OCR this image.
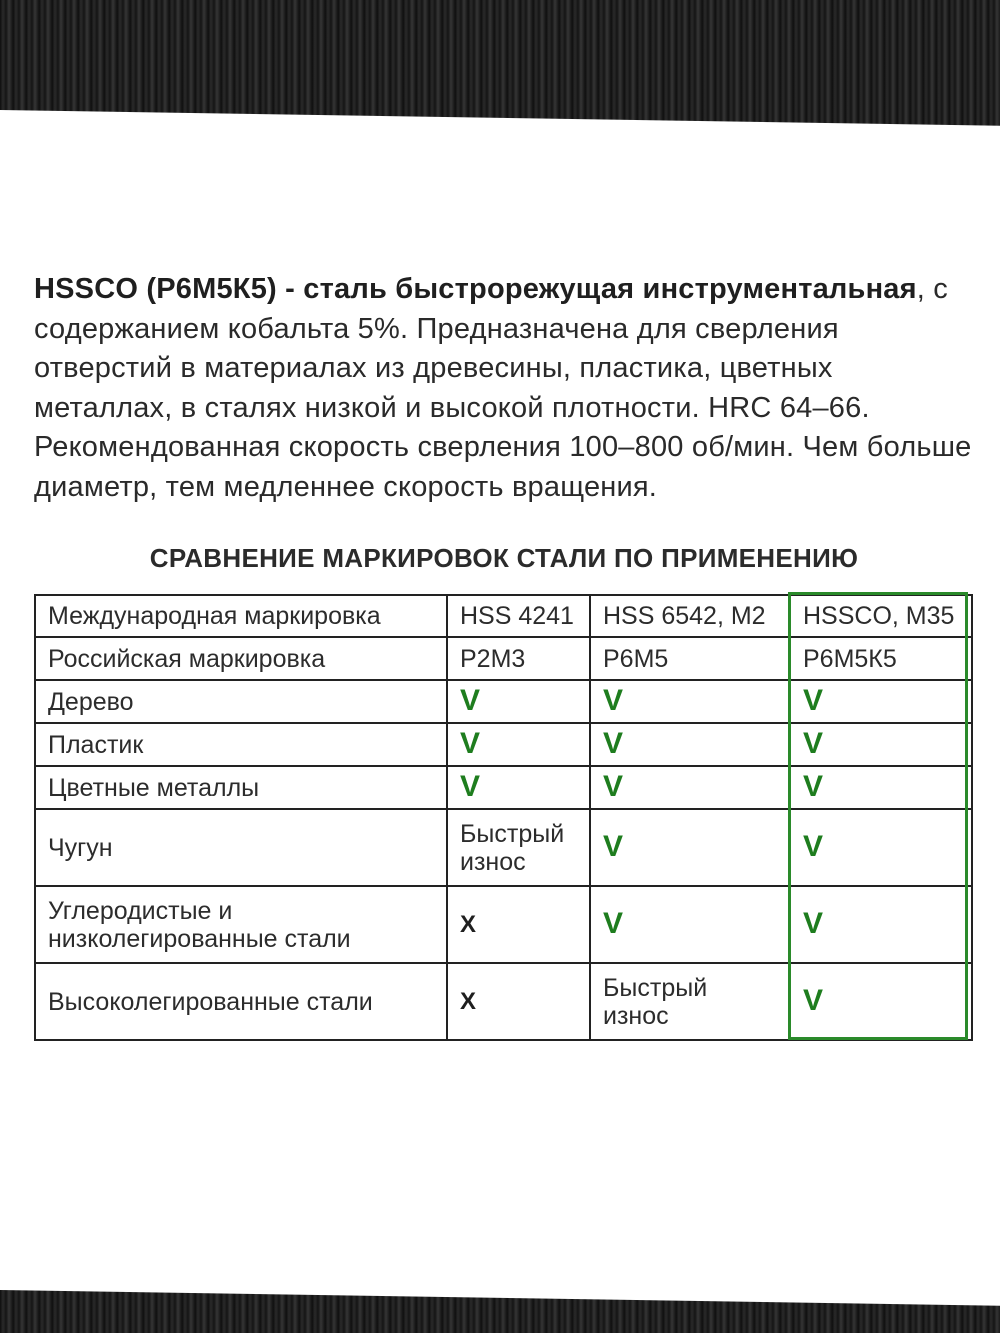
HSSCO (Р6М5К5) - сталь быстрорежущая инструментальная, с содержанием кобальта 5%. Предназначена для сверления отверстий в материалах из древесины, пластика, цветных металлах, в сталях низкой и высокой плотности. HRC 64–66. Рекомендованная скорость сверления 100–800 об/мин. Чем больше диаметр, тем медленнее скорость вращения.

СРАВНЕНИЕ МАРКИРОВОК СТАЛИ ПО ПРИМЕНЕНИЮ
Международная маркировка	HSS 4241	HSS 6542, M2	HSSCO, M35
Российская маркировка	Р2М3	Р6М5	Р6М5К5
Дерево	V	V	V
Пластик	V	V	V
Цветные металлы	V	V	V
Чугун	Быстрый износ	V	V
Углеродистые и низколегированные стали	X	V	V
Высоколегированные стали	X	Быстрый износ	V
